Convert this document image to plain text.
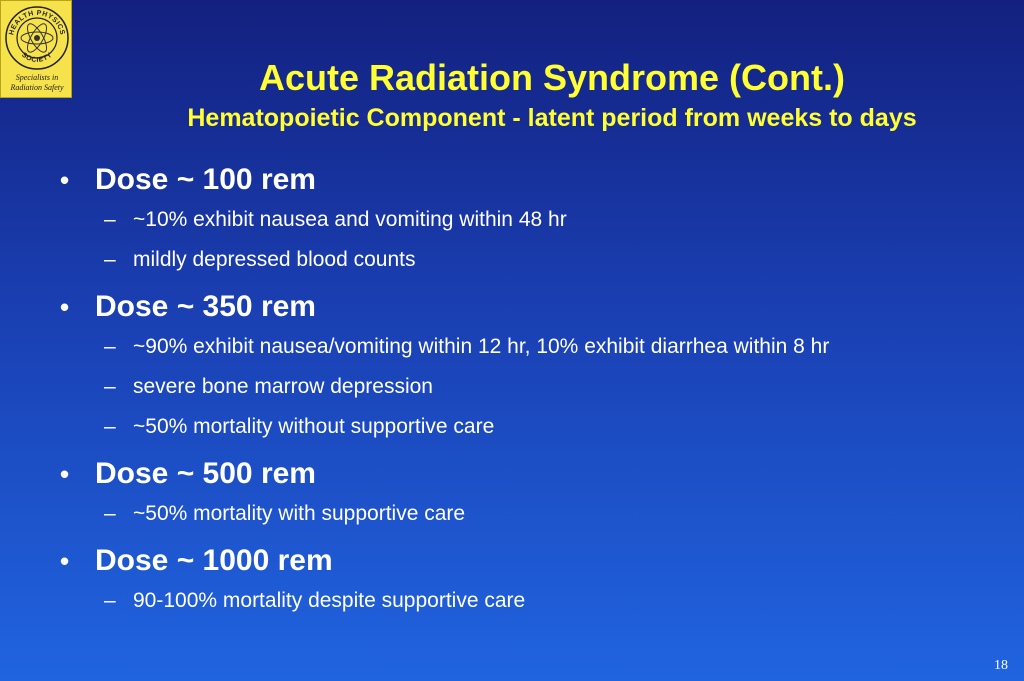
HEALTH PHYSICS
SOCIETY
Specialists in
Radiation Safety	Acute Radiation Syndrome (Cont.)
Hematopoietic Component - latent period from weeks to days
• Dose ~ 100 rem
– ~10% exhibit nausea and vomiting within 48 hr
– mildly depressed blood counts
• Dose ~ 350 rem
– ~90% exhibit nausea/vomiting within 12 hr, 10% exhibit diarrhea within 8 hr
– severe bone marrow depression
– ~50% mortality without supportive care
• Dose ~ 500 rem
– ~50% mortality with supportive care
• Dose ~ 1000 rem
– 90-100% mortality despite supportive care
18
